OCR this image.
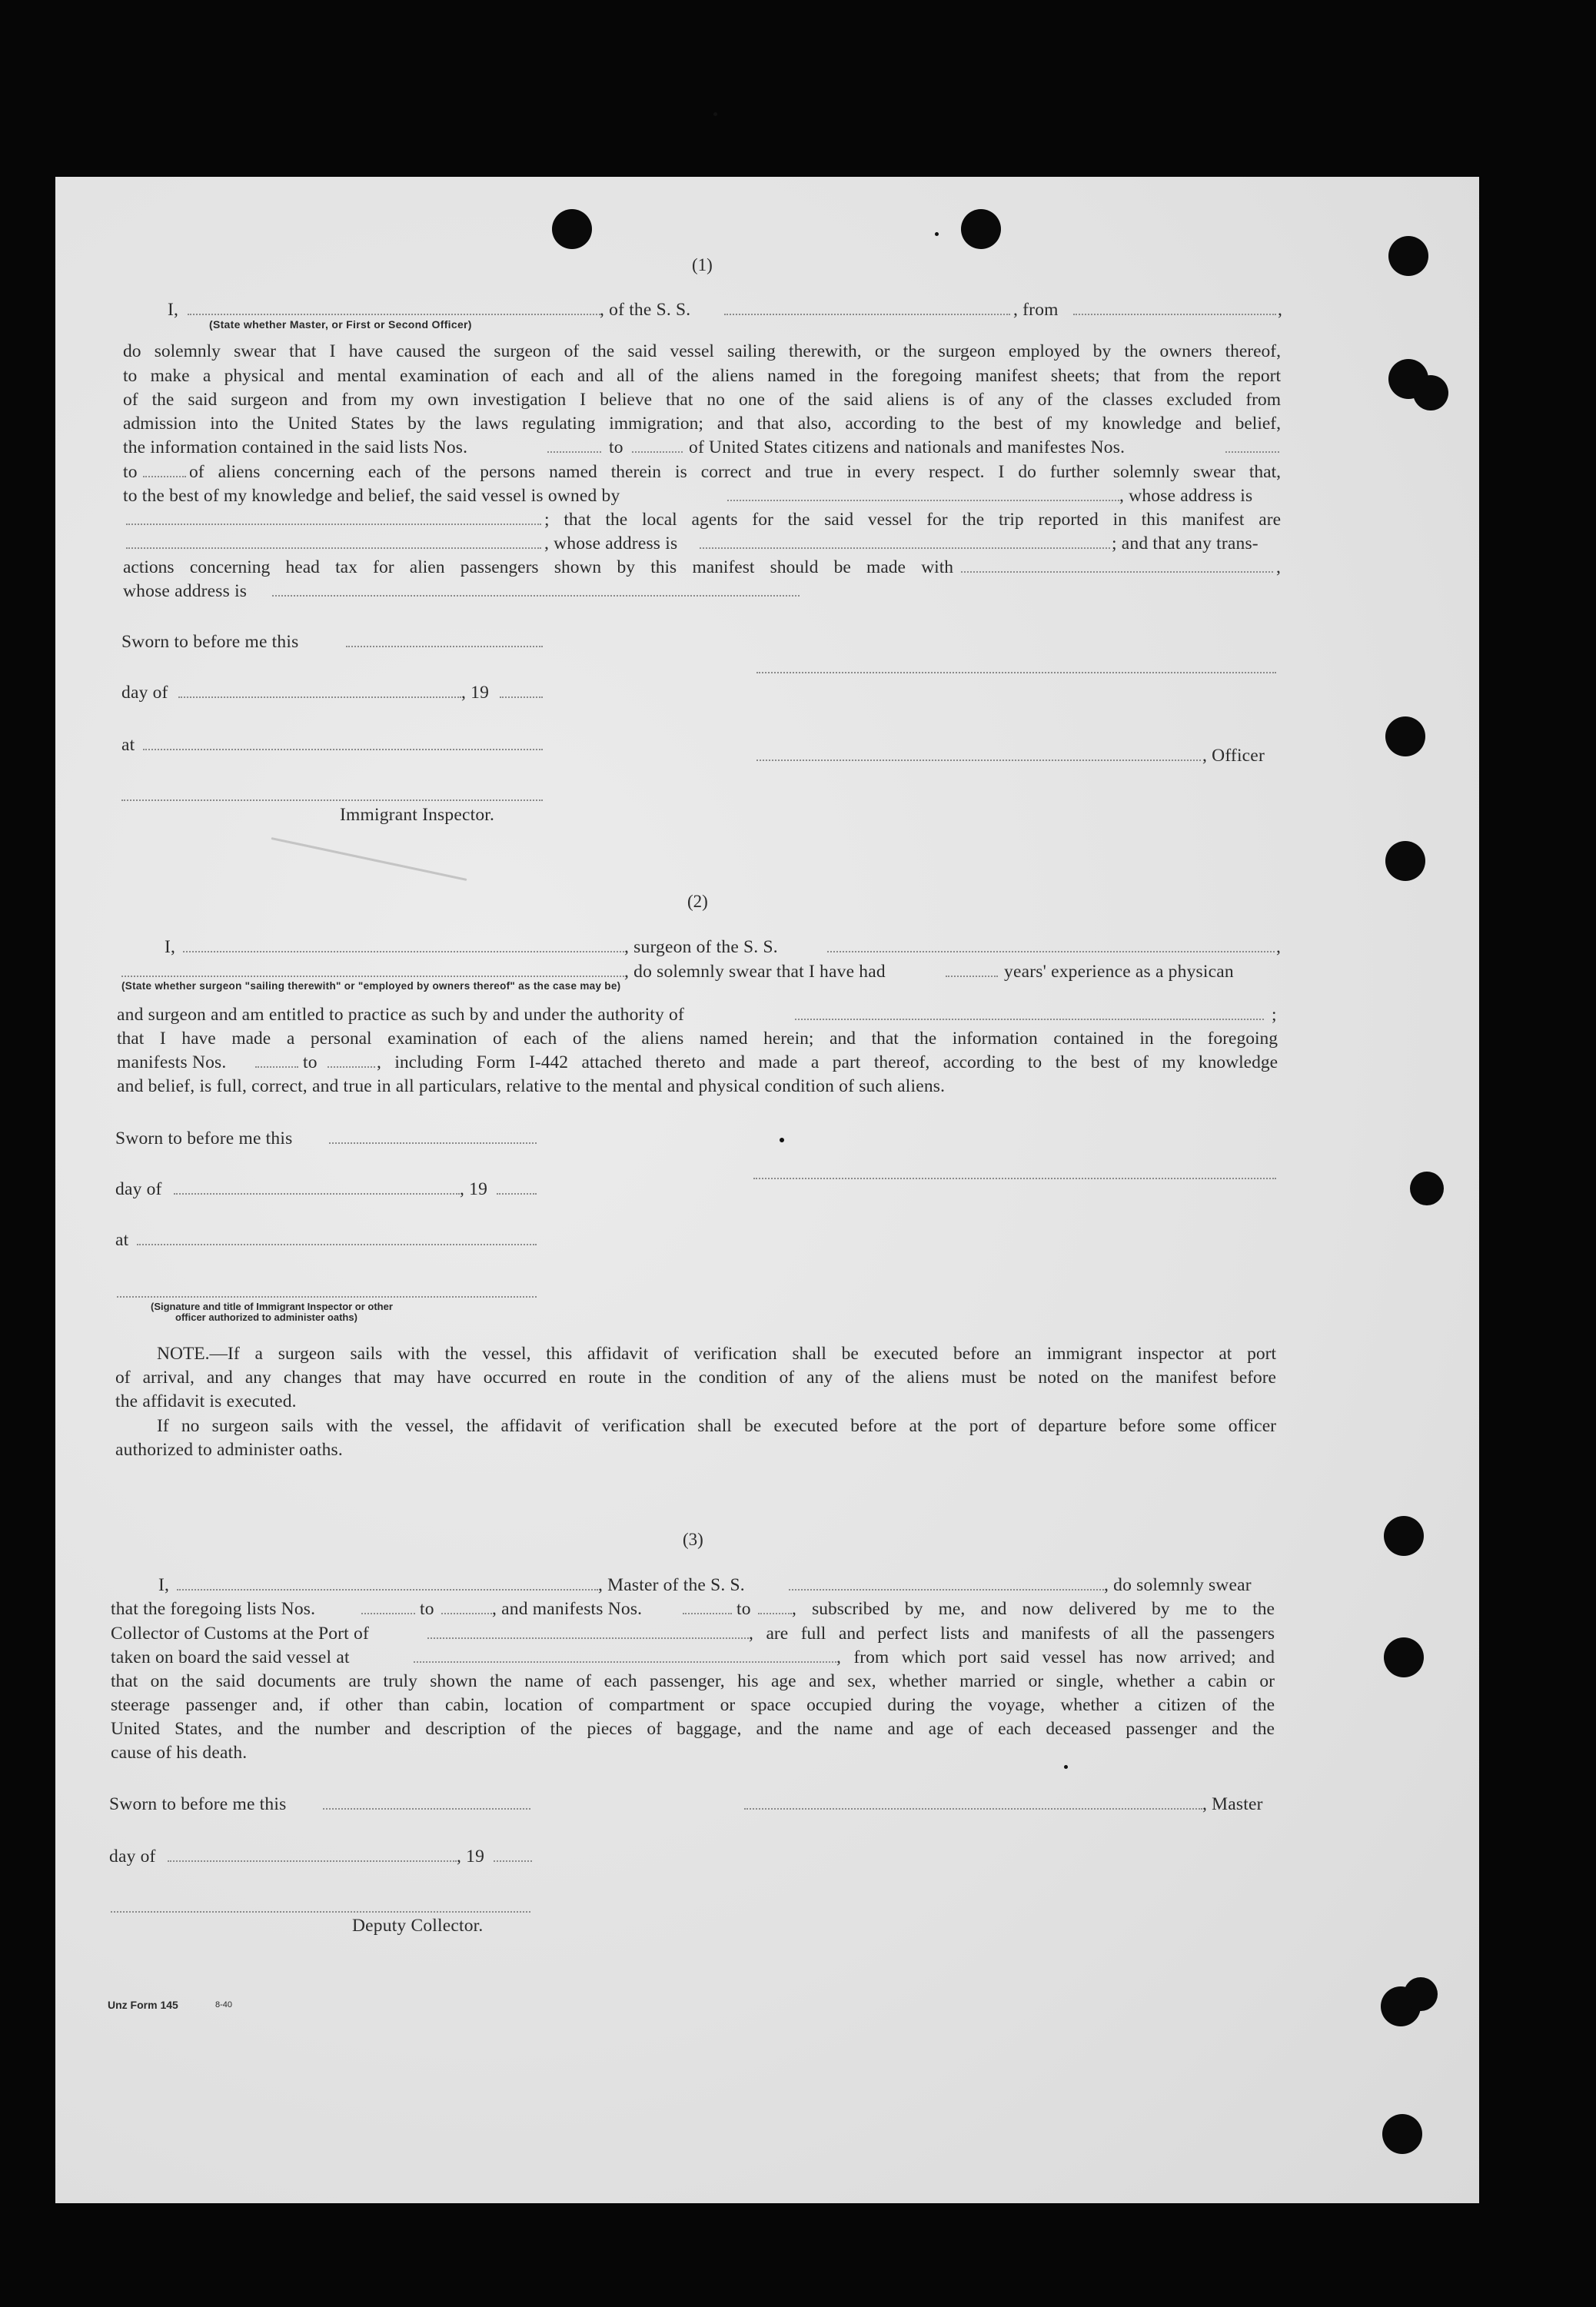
(1)
I,	, of the S. S.	, from	,
(State whether Master, or First or Second Officer)
do solemnly swear that I have caused the surgeon of the said vessel sailing therewith, or the surgeon employed by the owners thereof,
to make a physical and mental examination of each and all of the aliens named in the foregoing manifest sheets; that from the report
of the said surgeon and from my own investigation I believe that no one of the said aliens is of any of the classes excluded from
admission into the United States by the laws regulating immigration; and that also, according to the best of my knowledge and belief,
the information contained in the said lists Nos.	to	of United States citizens and nationals and manifestes Nos.
to	of aliens concerning each of the persons named therein is correct and true in every respect. I do further solemnly swear that,
to the best of my knowledge and belief, the said vessel is owned by	, whose address is
; that the local agents for the said vessel for the trip reported in this manifest are
, whose address is	; and that any trans-
actions concerning head tax for alien passengers shown by this manifest should be made with	,
whose address is
Sworn to before me this
day of	, 19
at
, Officer
Immigrant Inspector.
(2)
I,	, surgeon of the S. S.	,
, do solemnly swear that I have had	years' experience as a physican
(State whether surgeon "sailing therewith" or "employed by owners thereof" as the case may be)
and surgeon and am entitled to practice as such by and under the authority of	;
that I have made a personal examination of each of the aliens named herein; and that the information contained in the foregoing
manifests Nos.	to	, including Form I-442 attached thereto and made a part thereof, according to the best of my knowledge
and belief, is full, correct, and true in all particulars, relative to the mental and physical condition of such aliens.
Sworn to before me this
day of	, 19
at
(Signature and title of Immigrant Inspector or other
officer authorized to administer oaths)
NOTE.—If a surgeon sails with the vessel, this affidavit of verification shall be executed before an immigrant inspector at port
of arrival, and any changes that may have occurred en route in the condition of any of the aliens must be noted on the manifest before
the affidavit is executed.
If no surgeon sails with the vessel, the affidavit of verification shall be executed before at the port of departure before some officer
authorized to administer oaths.
(3)
I,	, Master of the S. S.	, do solemnly swear
that the foregoing lists Nos.	to	, and manifests Nos.	to , subscribed by me, and now delivered by me to the
Collector of Customs at the Port of	, are full and perfect lists and manifests of all the passengers
taken on board the said vessel at	, from which port said vessel has now arrived; and
that on the said documents are truly shown the name of each passenger, his age and sex, whether married or single, whether a cabin or
steerage passenger and, if other than cabin, location of compartment or space occupied during the voyage, whether a citizen of the
United States, and the number and description of the pieces of baggage, and the name and age of each deceased passenger and the
cause of his death.
Sworn to before me this	, Master
day of	, 19
Deputy Collector.
Unz Form 145	8-40
